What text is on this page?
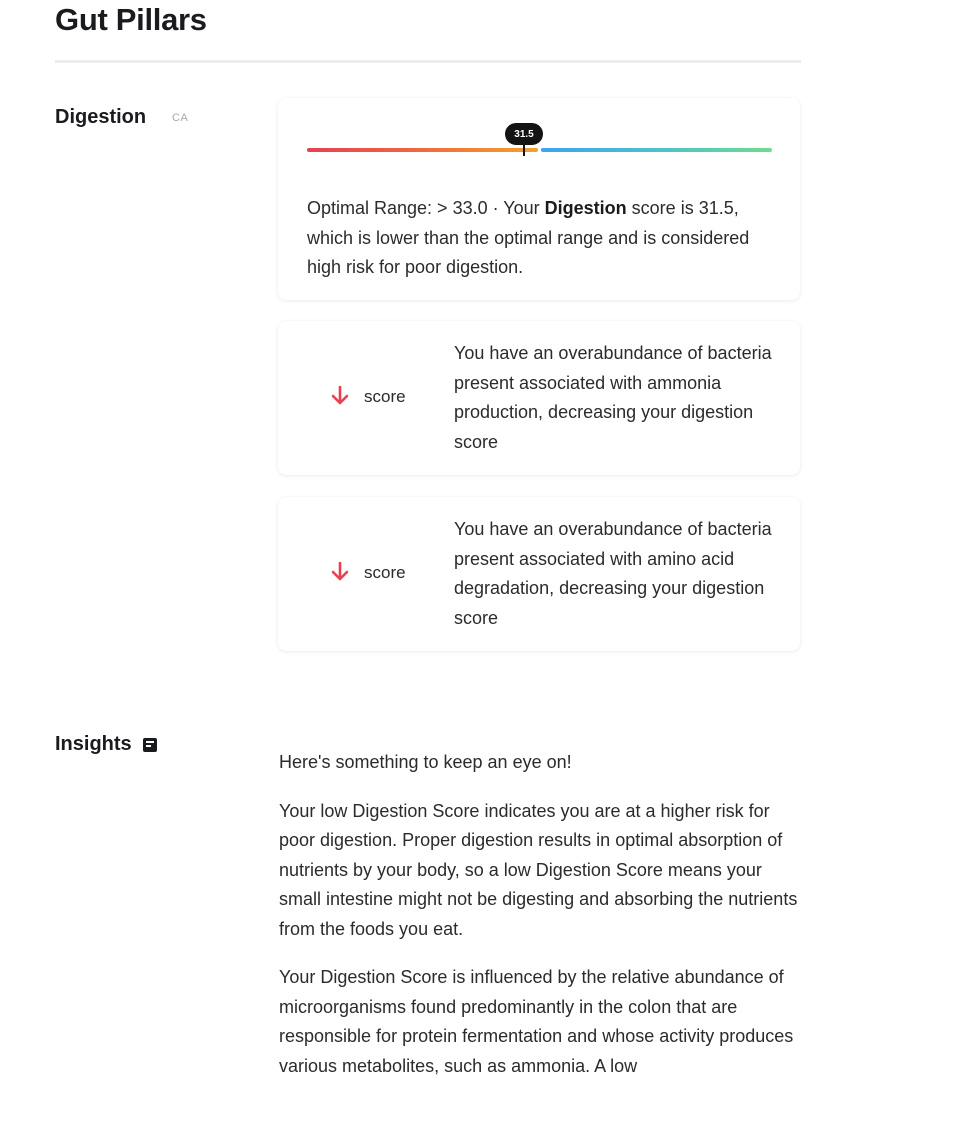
Gut Pillars
Digestion CA
31.5
Optimal Range: > 33.0 · Your Digestion score is 31.5, which is lower than the optimal range and is considered high risk for poor digestion.
score
You have an overabundance of bacteria present associated with ammonia production, decreasing your digestion score
score
You have an overabundance of bacteria present associated with amino acid degradation, decreasing your digestion score
Insights

Here's something to keep an eye on!

Your low Digestion Score indicates you are at a higher risk for poor digestion. Proper digestion results in optimal absorption of nutrients by your body, so a low Digestion Score means your small intestine might not be digesting and absorbing the nutrients from the foods you eat.

Your Digestion Score is influenced by the relative abundance of microorganisms found predominantly in the colon that are responsible for protein fermentation and whose activity produces various metabolites, such as ammonia. A low
